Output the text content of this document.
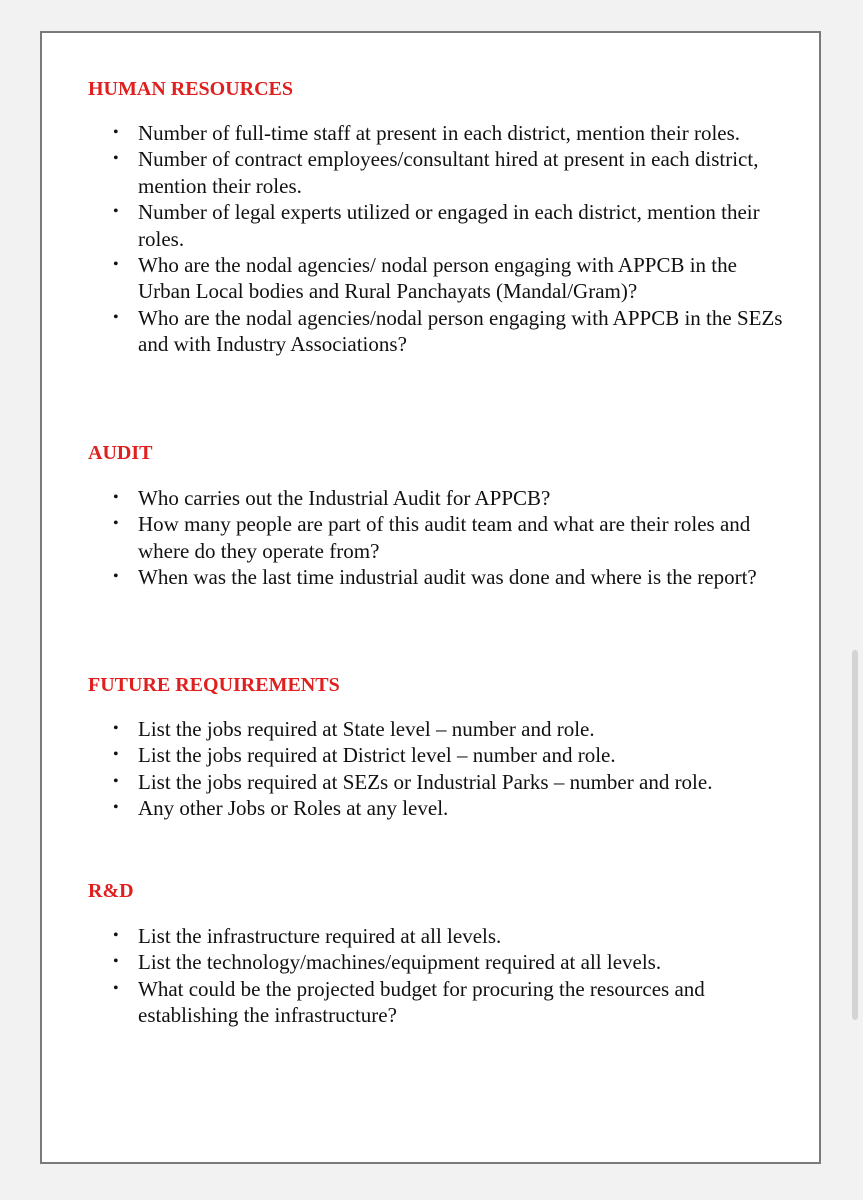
HUMAN RESOURCES
• Number of full-time staff at present in each district, mention their roles.
• Number of contract employees/consultant hired at present in each district, mention their roles.
• Number of legal experts utilized or engaged in each district, mention their roles.
• Who are the nodal agencies/ nodal person engaging with APPCB in the Urban Local bodies and Rural Panchayats (Mandal/Gram)?
• Who are the nodal agencies/nodal person engaging with APPCB in the SEZs and with Industry Associations?
AUDIT
• Who carries out the Industrial Audit for APPCB?
• How many people are part of this audit team and what are their roles and where do they operate from?
• When was the last time industrial audit was done and where is the report?
FUTURE REQUIREMENTS
• List the jobs required at State level – number and role.
• List the jobs required at District level – number and role.
• List the jobs required at SEZs or Industrial Parks – number and role.
• Any other Jobs or Roles at any level.
R&D
• List the infrastructure required at all levels.
• List the technology/machines/equipment required at all levels.
• What could be the projected budget for procuring the resources and establishing the infrastructure?
